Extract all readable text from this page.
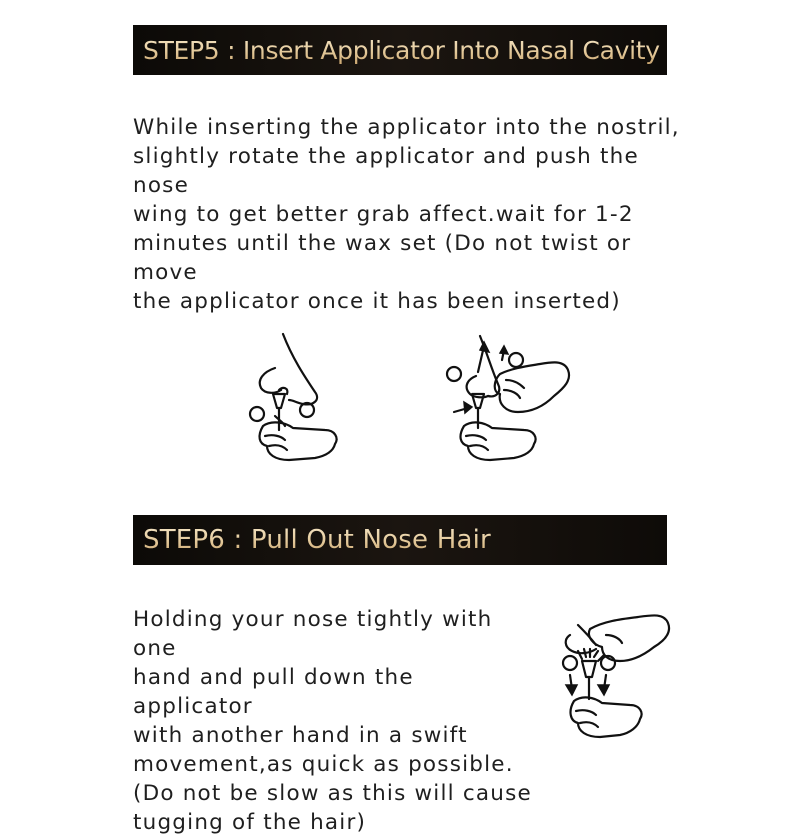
STEP5 : Insert Applicator Into Nasal Cavity

While inserting the applicator into the nostril,
slightly rotate the applicator and push the nose
wing to get better grab affect.wait for 1-2
minutes until the wax set (Do not twist or move
the applicator once it has been inserted)

STEP6 : Pull Out Nose Hair

Holding your nose tightly with one
hand and pull down the applicator
with another hand in a swift
movement,as quick as possible.
(Do not be slow as this will cause
tugging of the hair)
